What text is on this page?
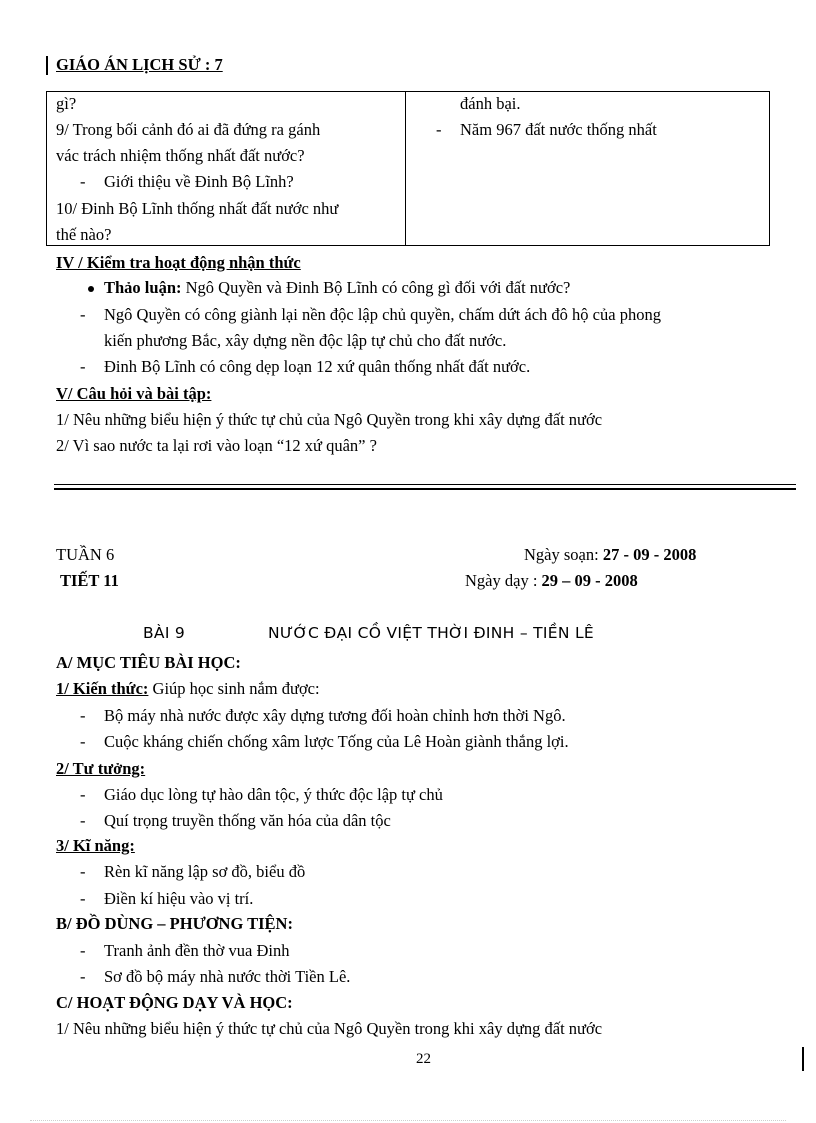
GIÁO ÁN LỊCH SỬ : 7
gì?
9/ Trong bối cảnh đó ai đã đứng ra gánh
vác trách nhiệm thống nhất đất nước?
- Giới thiệu về Đinh Bộ Lĩnh?
10/ Đinh Bộ Lĩnh thống nhất đất nước như
thế nào?
đánh bại.
- Năm 967 đất nước thống nhất
IV / Kiểm tra hoạt động nhận thức
Thảo luận: Ngô Quyền và Đinh Bộ Lĩnh có công gì đối với đất nước?
- Ngô Quyền có công giành lại nền độc lập chủ quyền, chấm dứt ách đô hộ của phong
kiến phương Bắc, xây dựng nền độc lập tự chủ cho đất nước.
- Đinh Bộ Lĩnh có công dẹp loạn 12 xứ quân thống nhất đất nước.
V/ Câu hỏi và bài tập:
1/ Nêu những biểu hiện ý thức tự chủ của Ngô Quyền trong khi xây dựng đất nước
2/ Vì sao nước ta lại rơi vào loạn “12 xứ quân” ?
TUẦN 6
TIẾT 11
Ngày soạn: 27 - 09 - 2008
Ngày dạy : 29 – 09 - 2008
BÀI 9	NƯỚC ĐẠI CỒ VIỆT THỜI ĐINH – TIỀN LÊ
A/ MỤC TIÊU BÀI HỌC:
1/ Kiến thức: Giúp học sinh nắm được:
- Bộ máy nhà nước được xây dựng tương đối hoàn chỉnh hơn thời Ngô.
- Cuộc kháng chiến chống xâm lược Tống của Lê Hoàn giành thắng lợi.
2/ Tư tưởng:
- Giáo dục lòng tự hào dân tộc, ý thức độc lập tự chủ
- Quí trọng truyền thống văn hóa của dân tộc
3/ Kĩ năng:
- Rèn kĩ năng lập sơ đồ, biểu đồ
- Điền kí hiệu vào vị trí.
B/ ĐỒ DÙNG – PHƯƠNG TIỆN:
- Tranh ảnh đền thờ vua Đinh
- Sơ đồ bộ máy nhà nước thời Tiền Lê.
C/ HOẠT ĐỘNG DẠY VÀ HỌC:
1/ Nêu những biểu hiện ý thức tự chủ của Ngô Quyền trong khi xây dựng đất nước
22
